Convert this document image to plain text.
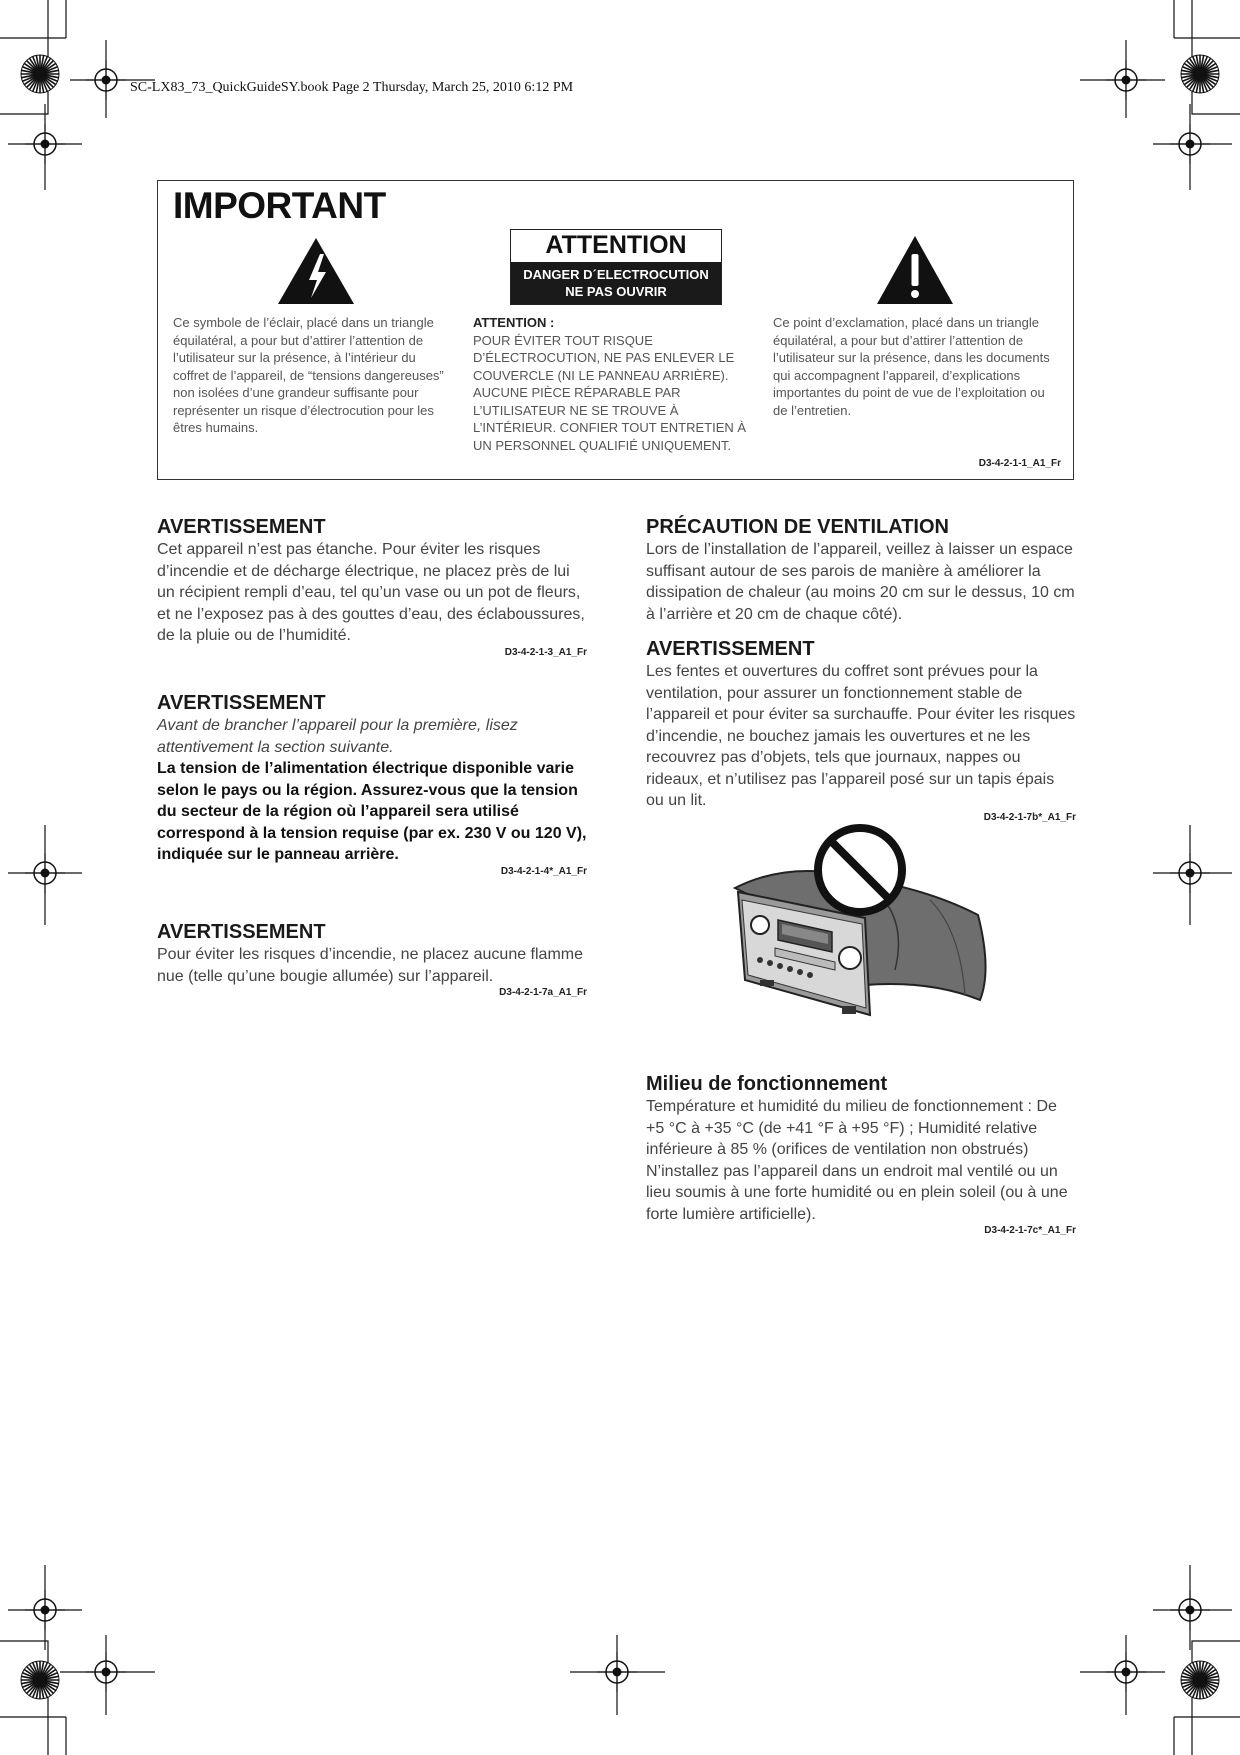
SC-LX83_73_QuickGuideSY.book Page 2 Thursday, March 25, 2010 6:12 PM
IMPORTANT
ATTENTION
DANGER D´ELECTROCUTION
NE PAS OUVRIR
Ce symbole de l’éclair, placé dans un triangle équilatéral, a pour but d’attirer l’attention de l’utilisateur sur la présence, à l’intérieur du coffret de l’appareil, de “tensions dangereuses” non isolées d’une grandeur suffisante pour représenter un risque d’électrocution pour les êtres humains.
ATTENTION :
POUR ÉVITER TOUT RISQUE D’ÉLECTROCUTION, NE PAS ENLEVER LE COUVERCLE (NI LE PANNEAU ARRIÈRE). AUCUNE PIÈCE RÉPARABLE PAR L’UTILISATEUR NE SE TROUVE À L’INTÉRIEUR. CONFIER TOUT ENTRETIEN À UN PERSONNEL QUALIFIÉ UNIQUEMENT.
Ce point d’exclamation, placé dans un triangle équilatéral, a pour but d’attirer l’attention de l’utilisateur sur la présence, dans les documents qui accompagnent l’appareil, d’explications importantes du point de vue de l’exploitation ou de l’entretien.
D3-4-2-1-1_A1_Fr
AVERTISSEMENT

Cet appareil n’est pas étanche. Pour éviter les risques d’incendie et de décharge électrique, ne placez près de lui un récipient rempli d’eau, tel qu’un vase ou un pot de fleurs, et ne l’exposez pas à des gouttes d’eau, des éclaboussures, de la pluie ou de l’humidité.

D3-4-2-1-3_A1_Fr
AVERTISSEMENT

Avant de brancher l’appareil pour la première, lisez attentivement la section suivante.

La tension de l’alimentation électrique disponible varie selon le pays ou la région. Assurez-vous que la tension du secteur de la région où l’appareil sera utilisé correspond à la tension requise (par ex. 230 V ou 120 V), indiquée sur le panneau arrière.

D3-4-2-1-4*_A1_Fr
AVERTISSEMENT

Pour éviter les risques d’incendie, ne placez aucune flamme nue (telle qu’une bougie allumée) sur l’appareil.

D3-4-2-1-7a_A1_Fr
PRÉCAUTION DE VENTILATION

Lors de l’installation de l’appareil, veillez à laisser un espace suffisant autour de ses parois de manière à améliorer la dissipation de chaleur (au moins 20 cm sur le dessus, 10 cm à l’arrière et 20 cm de chaque côté).

AVERTISSEMENT

Les fentes et ouvertures du coffret sont prévues pour la ventilation, pour assurer un fonctionnement stable de l’appareil et pour éviter sa surchauffe. Pour éviter les risques d’incendie, ne bouchez jamais les ouvertures et ne les recouvrez pas d’objets, tels que journaux, nappes ou rideaux, et n’utilisez pas l’appareil posé sur un tapis épais ou un lit.

D3-4-2-1-7b*_A1_Fr
Milieu de fonctionnement

Température et humidité du milieu de fonctionnement : De +5 °C à +35 °C (de +41 °F à +95 °F) ; Humidité relative inférieure à 85 % (orifices de ventilation non obstrués)

N’installez pas l’appareil dans un endroit mal ventilé ou un lieu soumis à une forte humidité ou en plein soleil (ou à une forte lumière artificielle).

D3-4-2-1-7c*_A1_Fr
